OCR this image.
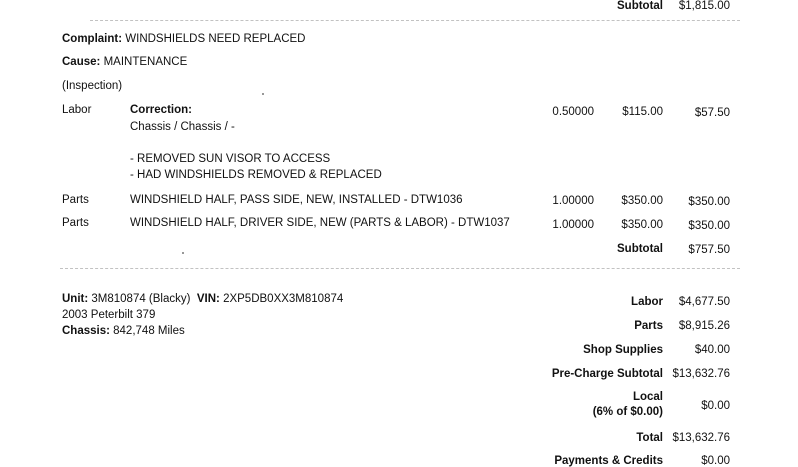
Subtotal $1,815.00
Complaint: WINDSHIELDS NEED REPLACED
Cause: MAINTENANCE
(Inspection)
Labor	Correction:
Chassis / Chassis / -
- REMOVED SUN VISOR TO ACCESS
- HAD WINDSHIELDS REMOVED & REPLACED
0.50000 $115.00	$57.50
Parts	WINDSHIELD HALF, PASS SIDE, NEW, INSTALLED - DTW1036	1.00000 $350.00 $350.00
Parts	WINDSHIELD HALF, DRIVER SIDE, NEW (PARTS & LABOR) - DTW1037	1.00000 $350.00 $350.00
Subtotal $757.50
Unit: 3M810874 (Blacky) VIN: 2XP5DB0XX3M810874
2003 Peterbilt 379
Chassis: 842,748 Miles
Labor $4,677.50
Parts $8,915.26
Shop Supplies	$40.00
Pre-Charge Subtotal $13,632.76
Local
(6% of $0.00)	$0.00
Total $13,632.76
Payments & Credits	$0.00
